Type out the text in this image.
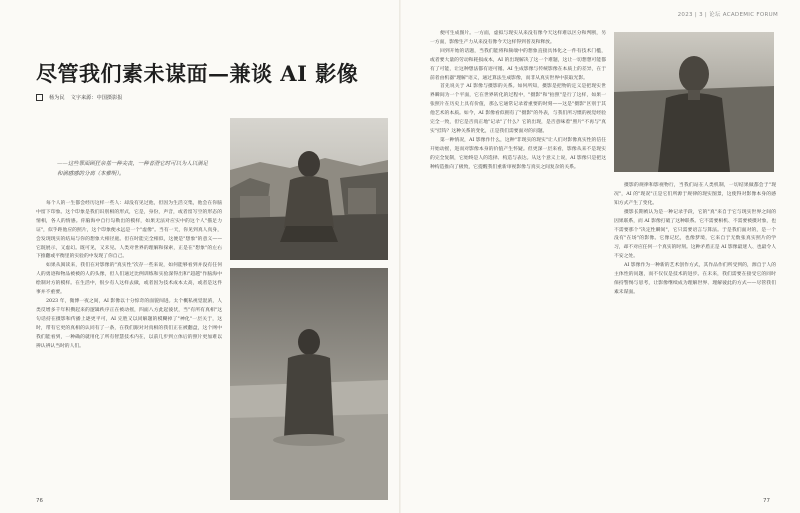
尽管我们素未谋面—兼谈 AI 影像
杨为民 文字来源：中国摄影报
——这些罪面顾狂亲基一种尖丧，一种者澄它时可以为人以满足和满感感的分离（本雅明）。

每个人的一生都会经历这样一些人：却没有见过他，但因为生活交集，他会在你脑中留下印象。这个印象是我们识别相的形式，它是，身份，声音，或者留写空的形态的情相，各人的情感。你脑海中自行勾勒出的模样，如果无法对应实中的这个人"描足力证"，似乎距他应的照片，这个印象便永远是一个"虚像"。当有一天，你见到真人真身，会发现现实的结局与你的想象大相径庭。但在时能完全相似，这便是"想象"的意义——它既展示，又虚幻。既可见，又未见。人类对世界的理解和探索，正是在"想象"的左右下推翻或平衡里的实验的中发现了你自己。

如果从阅读来，我们在对影像的"真实性"次存一些来说，如何能够看到并没有任何人的勇迹和物品被被的人的头像，但人们通过比例训练和实验深得出和"超越"作脑海中绘制对方的模样。在生活中，很少有人这样去做，或者因为技术成本太高，或者是这件事并不重要。

2023 年，微博一夜之间，AI 影像以十分惊奇的面貌闯进。太个概私视觉混淆，人类反增多千年积攒起来的逻辑秩序正在被动摇，四面八方此起彼伏，当"有所有真相"这句话持在摄影和传播上逐更平可，AI 完胜又以同解题的模糊掉了"神化"一层关于，这时，带有它更的真相的认同有了一条，在我们跟对对真相的我们正在被翻盘，这个网中我们能看到，一种确的就用化了所有智慧技术内在，以前几步到立体后的照片更加难以辨认辨认当时的人们。

76
2023 | 3 | 论坛 ACADEMIC FORUM

便可生成图片。一方面，虚拟与现实从来没有像今天这样难以区分和判断，另一方面，影像生产力从来没有像今天这样得到普及和释放。

回到开始的话题，当我们能将和频端中的想象直接具体化之一件有技术门槛，或者要大量的劳动和耗损成本，AI 的出现解决了这一个难题，这让一切想想可能都有了可能，让这种想法都有迹可循。AI 生成影像与传统影像在本质上的差异，在于前者由机器"理解"语义，通过算法生成影像，而非从真实世界中获取光影。

首先说关于 AI 影像与摄影的关系。如何所知，摄影是把物的定义是把现实世界瞬间为一个平面，它在世界转化的过程中，"摄影"和"拍照"是行了这样，如果一张照片在历史上具有价值，那么它通常记录着重要的时刻——这是"摄影"区别于其他艺术的本质。如今，AI 影像看似拥有了"摄影"的外表，与我们所习惯的视觉经验完全一致，但它是否真正地"记录"了什么？它的出现，是否意味着"照片"不再与"真实"挂钩？这种关系的变化，正是我们需要面对的问题。

第一种情况，AI 影像作什么，这种"非现实的现实"让人们对影像真实性的信任开始动摇，进而对影像本身的价值产生怀疑。但更深一层来看，影像从来不是现实的完全复制，它始终是人的选择、构造与表达。从这个意义上说，AI 影像只是把这种构造推向了极致，它提醒我们重新审视影像与真实之间复杂的关系。

摄影的规律和影视物行，当我们站在人类机制，一切结果做都会于"现况"，AI 的"现况"正是它们所源于规律的现实图景，这使得对影像本身的感知方式产生了变化。

摄影长期被认为是一种记录手段，它的"真"来自于它与现实世界之间的因果联系，而 AI 影像打破了这种联系。它不需要相机、不需要被摄对象，也不需要那个"决定性瞬间"，它只需要语言与算法。于是我们面对的，是一个没有"在场"的影像。它像记忆，也像梦境，它来自于无数张真实照片的学习，却不对应任何一个真实的时刻。这种矛盾正是 AI 影像最迷人、也最令人不安之处。

AI 影像作为一种新的艺术创作方式，其作品作们所受到的，源自于人的主体性的问题，而不仅仅是技术的进步。在未来，我们需要在接受它的同时保持警惕与思考，让影像继续成为理解世界、理解彼此的方式——尽管我们素未谋面。

77
